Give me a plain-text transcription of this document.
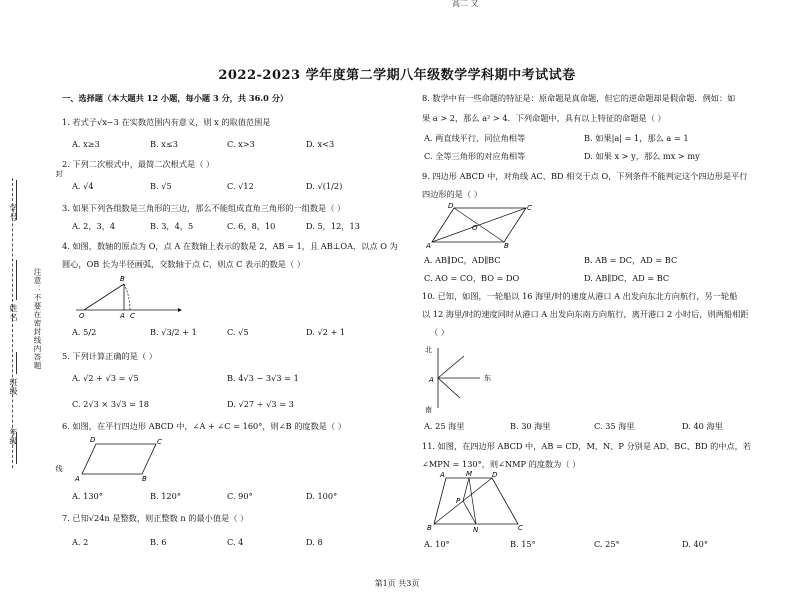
高二 又
2022-2023 学年度第二学期八年级数学学科期中考试试卷
封
线
学号
姓名
班级
年级
注意：不要在密封线内答题
一、选择题（本大题共 12 小题，每小题 3 分，共 36.0 分）
1. 若式子√x−3 在实数范围内有意义，则 x 的取值范围是
A. x≥3	B. x≤3	C. x>3	D. x<3
2. 下列二次根式中，最简二次根式是（ ）
A. √4	B. √5	C. √12	D. √(1/2)
3. 如果下列各组数是三角形的三边，那么不能组成直角三角形的一组数是（ ）
A. 2，3，4	B. 3，4，5	C. 6，8，10	D. 5，12，13
4. 如图，数轴的原点为 O，点 A 在数轴上表示的数是 2，AB = 1，且 AB⊥OA，以点 O 为
圆心，OB 长为半径画弧，交数轴于点 C，则点 C 表示的数是（ ）
O	A C
B
A. 5/2	B. √3/2 + 1	C. √5	D. √2 + 1
5. 下列计算正确的是（ ）
A. √2 + √3 = √5	B. 4√3 − 3√3 = 1
C. 2√3 × 3√3 = 18	D. √27 ÷ √3 = 3
6. 如图，在平行四边形 ABCD 中，∠A + ∠C = 160°，则∠B 的度数是（ ）
A	B
C
D
A. 130°	B. 120°	C. 90°	D. 100°
7. 已知√24n 是整数，则正整数 n 的最小值是（ ）
A. 2	B. 6	C. 4	D. 8
8. 数学中有一些命题的特征是：原命题是真命题，但它的逆命题却是假命题．例如：如
果 a > 2，那么 a² > 4．下列命题中，具有以上特征的命题是（ ）
A. 两直线平行，同位角相等	B. 如果|a| = 1，那么 a = 1
C. 全等三角形的对应角相等	D. 如果 x > y，那么 mx > my
9. 四边形 ABCD 中，对角线 AC、BD 相交于点 O，下列条件不能判定这个四边形是平行
四边形的是（ ）
A	B
C
D
O
A. AB∥DC，AD∥BC	B. AB = DC，AD = BC
C. AO = CO，BO = DO	D. AB∥DC，AD = BC
10. 已知，如图，一轮船以 16 海里/时的速度从港口 A 出发向东北方向航行，另一轮船
以 12 海里/时的速度同时从港口 A 出发向东南方向航行，离开港口 2 小时后，则两船相距
（ ）
北
东
南
A
A. 25 海里	B. 30 海里	C. 35 海里	D. 40 海里
11. 如图，在四边形 ABCD 中，AB = CD，M、N、P 分别是 AD、BC、BD 的中点，若
∠MPN = 130°，则∠NMP 的度数为（ ）
A	M	D
B	N	C
P
A. 10°	B. 15°	C. 25°	D. 40°
第1页 共3页
